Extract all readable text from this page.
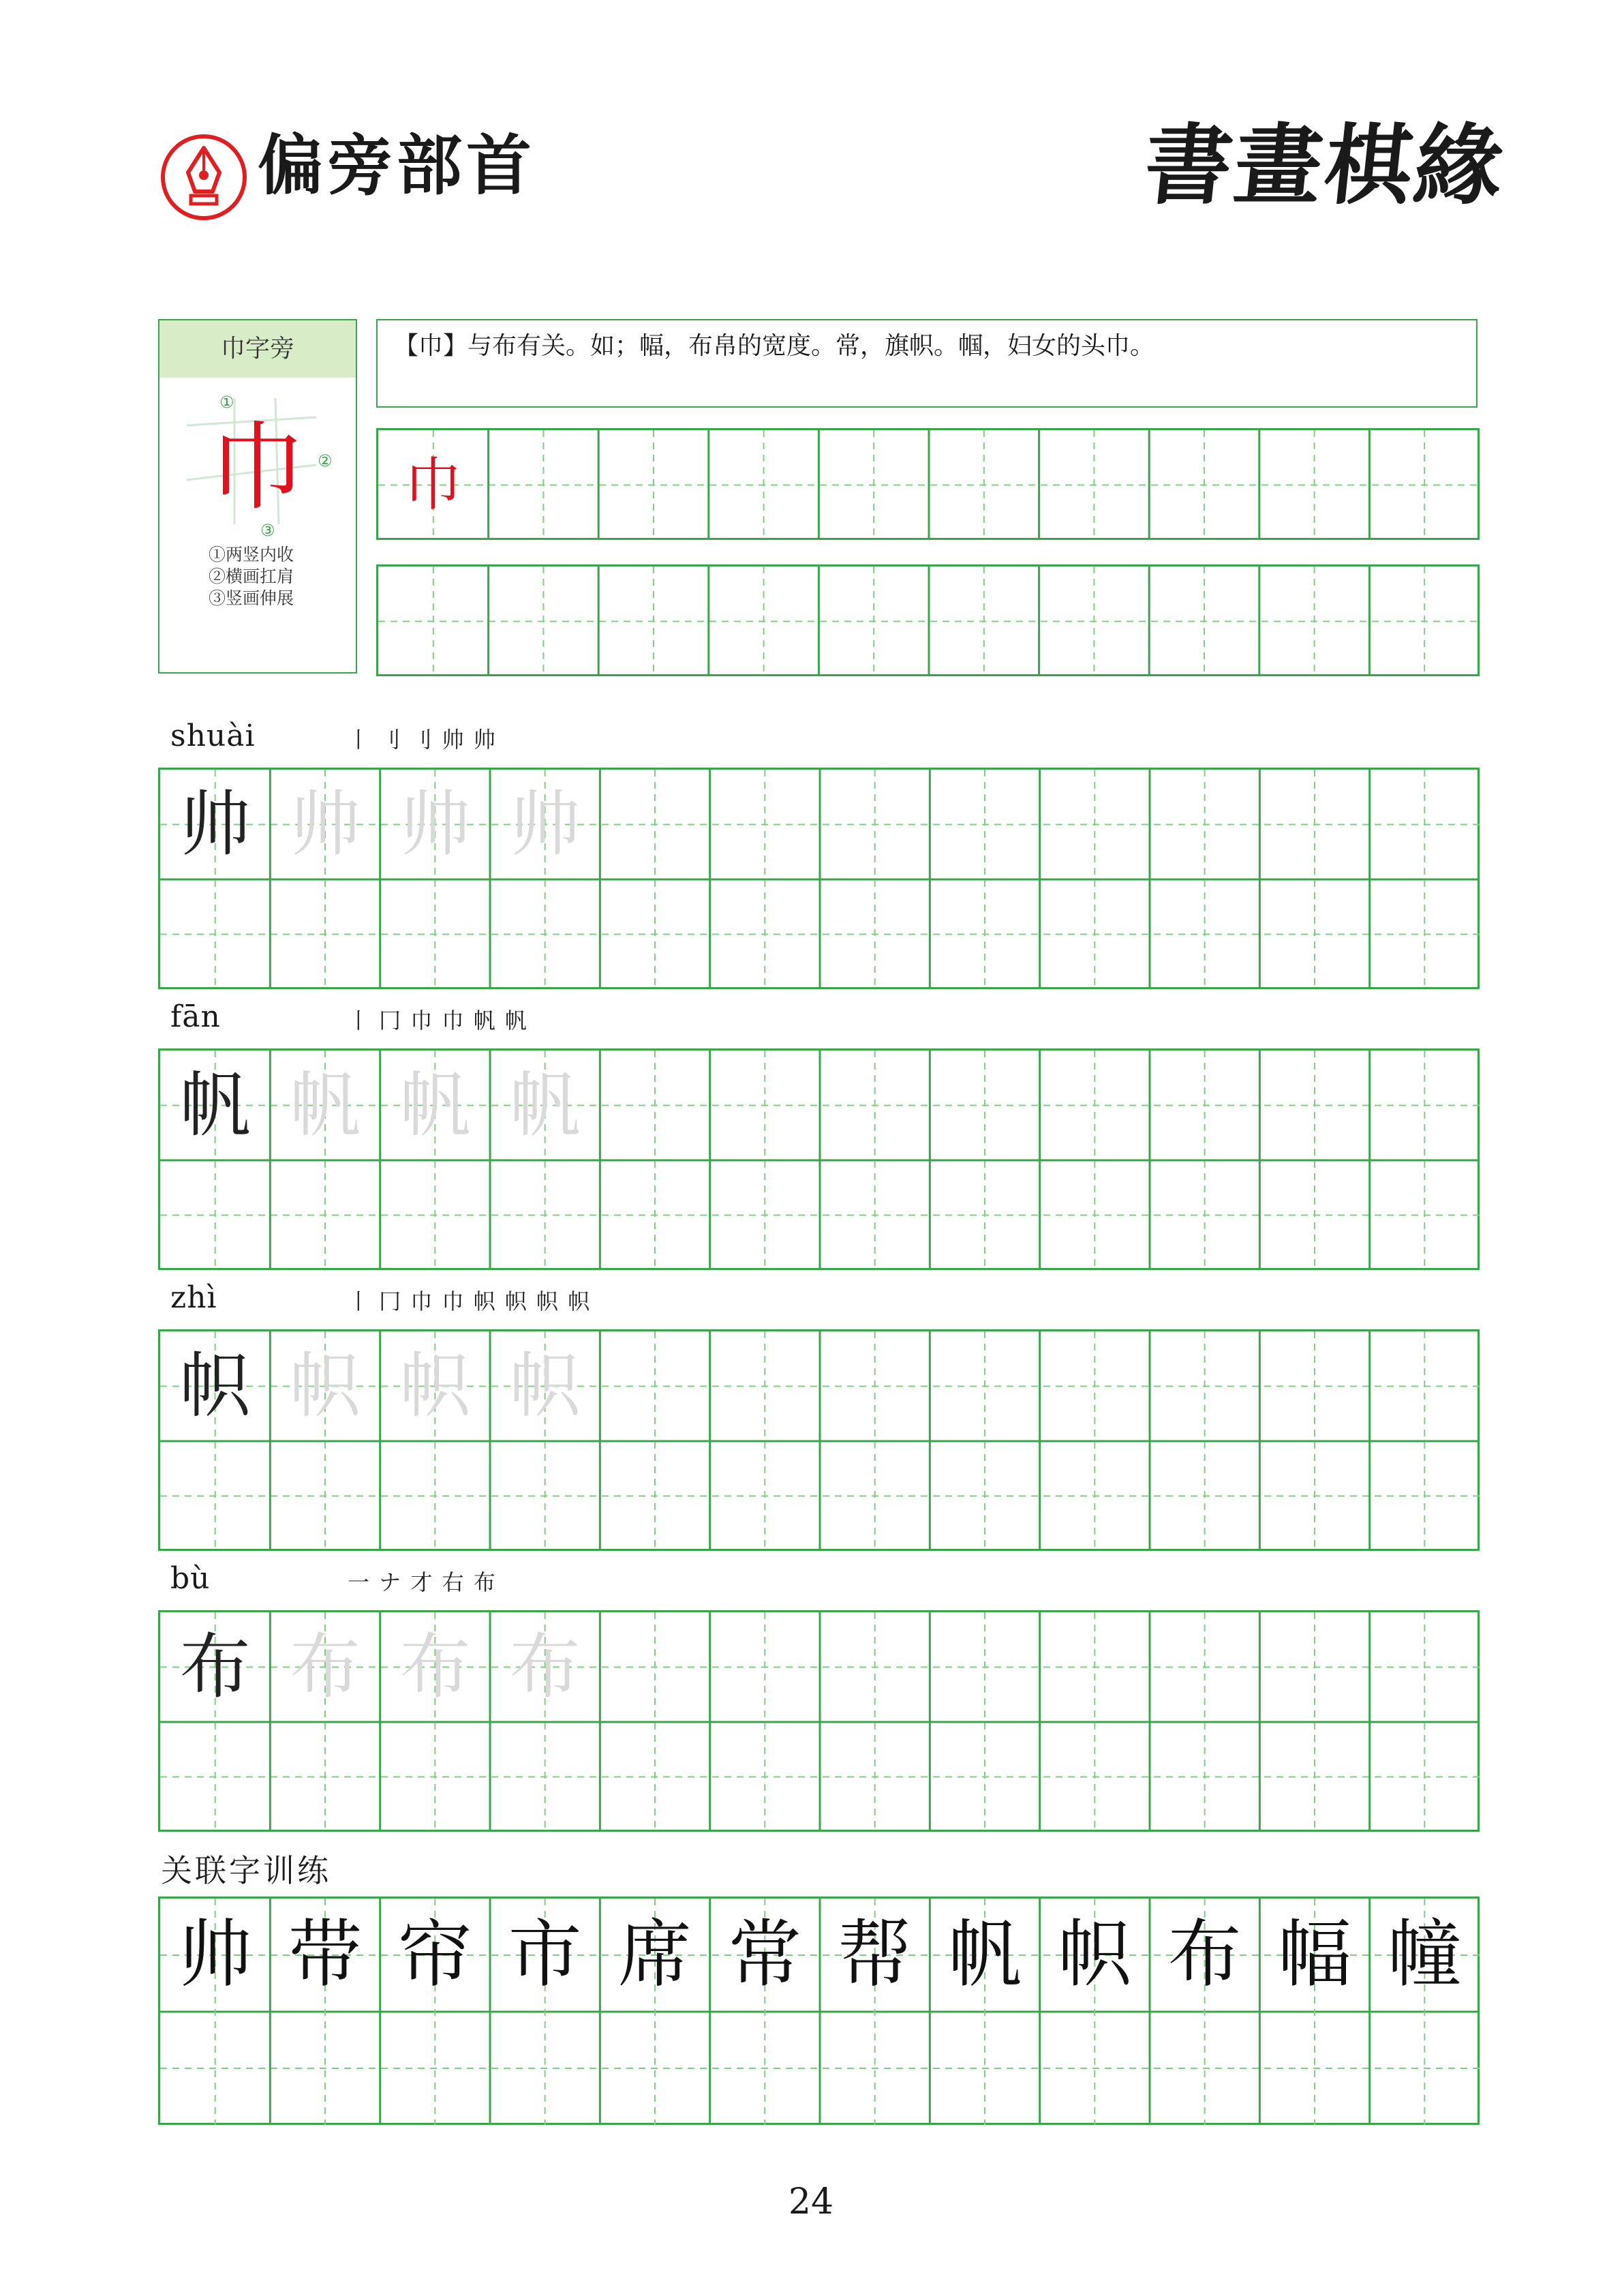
偏旁部首	書畫棋緣
巾字旁
巾
①
②
③
①两竖内收
②横画扛肩
③竖画伸展
【巾】与布有关。如；幅，布帛的宽度。常，旗帜。帼，妇女的头巾。
巾
shuài	丨 刂 刂 帅 帅
帅 帅 帅 帅
fān	丨 冂 巾 巾 帆 帆
帆 帆 帆 帆
zhì	丨 冂 巾 巾 帜 帜 帜 帜
帜 帜 帜 帜
bù	一 ナ 才 右 布
布 布 布 布
帅 带 帘 市 席 常 帮 帆 帜 布 幅 幢
关联字训练
24
